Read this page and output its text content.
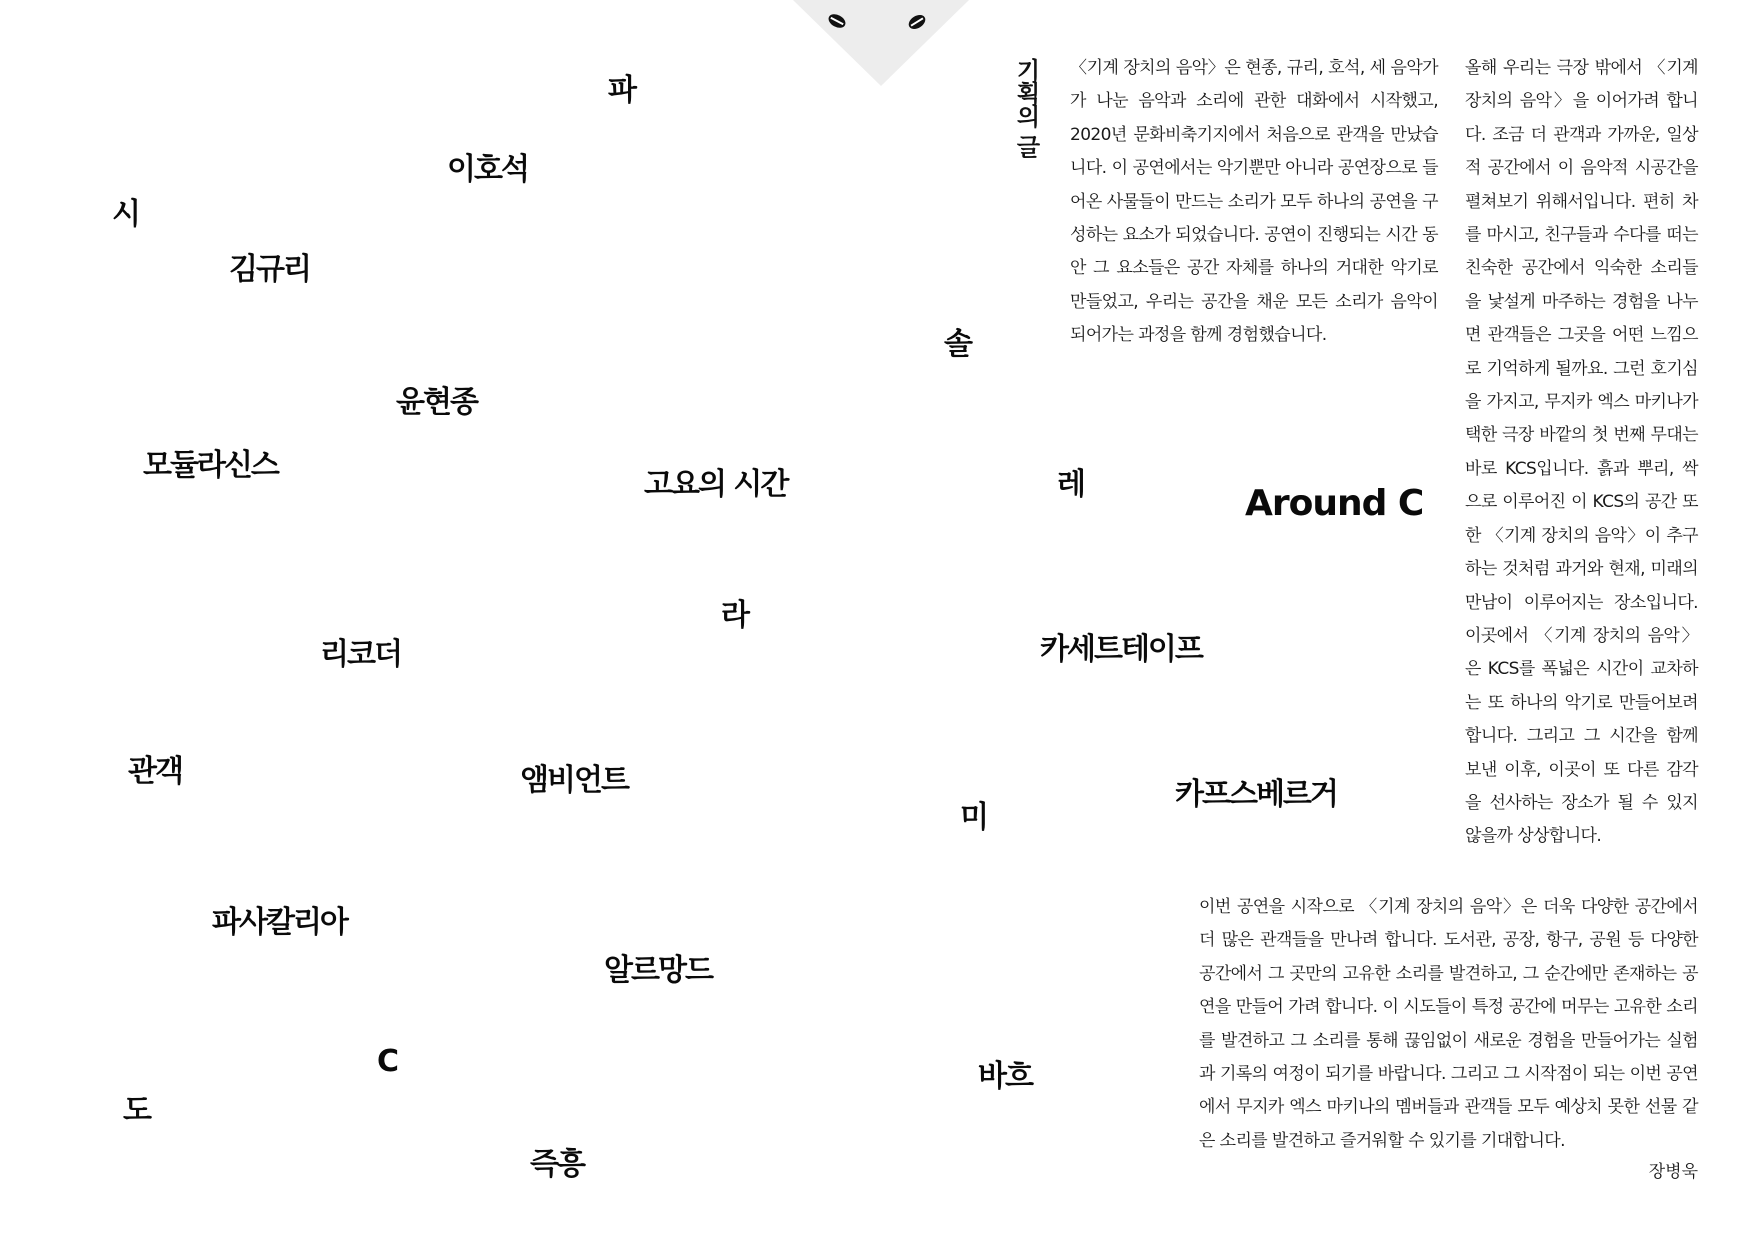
파
이호석
시
김규리
솔
윤현종
모듈라신스
고요의 시간	레	Around C
라
리코더	카세트테이프
관객	앰비언트
미
카프스베르거
파사칼리아
알르망드
C	바흐
도
즉흥
기획의 글 〈기계 장치의 음악〉은 현종, 규리, 호석, 세 음악가가 나눈 음악과 소리에 관한 대화에서 시작했고, 2020년 문화비축기지에서 처음으로 관객을 만났습니다. 이 공연에서는 악기뿐만 아니라 공연장으로 들어온 사물들이 만드는 소리가 모두 하나의 공연을 구성하는 요소가 되었습니다. 공연이 진행되는 시간 동안 그 요소들은 공간 자체를 하나의 거대한 악기로 만들었고, 우리는 공간을 채운 모든 소리가 음악이 되어가는 과정을 함께 경험했습니다.

올해 우리는 극장 밖에서 〈기계 장치의 음악〉을 이어가려 합니다. 조금 더 관객과 가까운, 일상적 공간에서 이 음악적 시공간을 펼쳐보기 위해서입니다. 편히 차를 마시고, 친구들과 수다를 떠는 친숙한 공간에서 익숙한 소리들을 낯설게 마주하는 경험을 나누면 관객들은 그곳을 어떤 느낌으로 기억하게 될까요. 그런 호기심을 가지고, 무지카 엑스 마키나가 택한 극장 바깥의 첫 번째 무대는 바로 KCS입니다. 흙과 뿌리, 싹으로 이루어진 이 KCS의 공간 또한 〈기계 장치의 음악〉이 추구하는 것처럼 과거와 현재, 미래의 만남이 이루어지는 장소입니다. 이곳에서 〈기계 장치의 음악〉은 KCS를 폭넓은 시간이 교차하는 또 하나의 악기로 만들어보려 합니다. 그리고 그 시간을 함께 보낸 이후, 이곳이 또 다른 감각을 선사하는 장소가 될 수 있지 않을까 상상합니다.

이번 공연을 시작으로 〈기계 장치의 음악〉은 더욱 다양한 공간에서 더 많은 관객들을 만나려 합니다. 도서관, 공장, 항구, 공원 등 다양한 공간에서 그 곳만의 고유한 소리를 발견하고, 그 순간에만 존재하는 공연을 만들어 가려 합니다. 이 시도들이 특정 공간에 머무는 고유한 소리를 발견하고 그 소리를 통해 끊임없이 새로운 경험을 만들어가는 실험과 기록의 여정이 되기를 바랍니다. 그리고 그 시작점이 되는 이번 공연에서 무지카 엑스 마키나의 멤버들과 관객들 모두 예상치 못한 선물 같은 소리를 발견하고 즐거워할 수 있기를 기대합니다.

장병욱
